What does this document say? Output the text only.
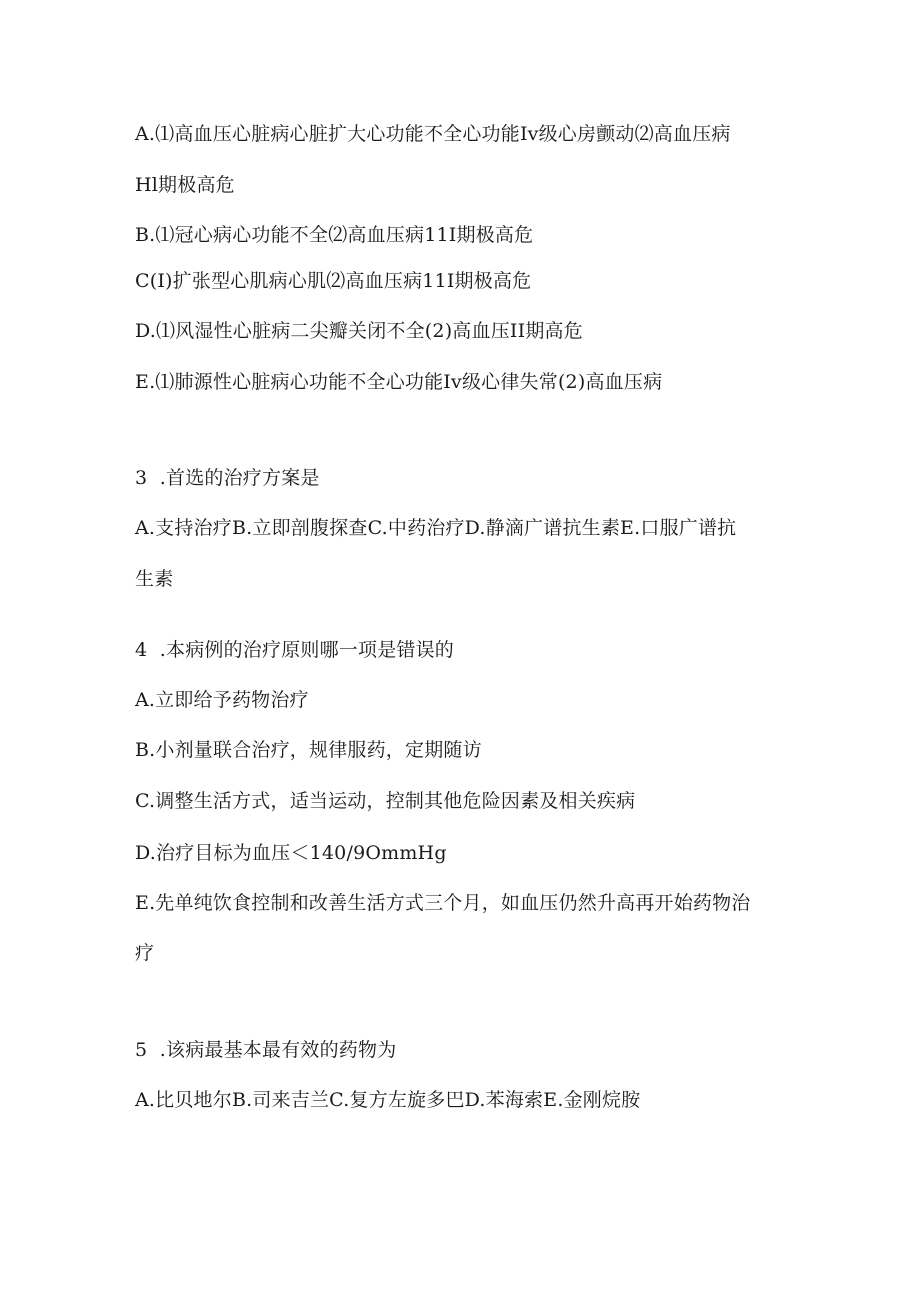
A.⑴高血压心脏病心脏扩大心功能不全心功能Iv级心房颤动⑵高血压病
Hl期极高危
B.⑴冠心病心功能不全⑵高血压病11I期极高危
C(I)扩张型心肌病心肌⑵高血压病11I期极高危
D.⑴风湿性心脏病二尖瓣关闭不全(2)高血压II期高危
E.⑴肺源性心脏病心功能不全心功能Iv级心律失常(2)高血压病
3  .首选的治疗方案是
A.支持治疗B.立即剖腹探查C.中药治疗D.静滴广谱抗生素E.口服广谱抗
生素
4  .本病例的治疗原则哪一项是错误的
A.立即给予药物治疗
B.小剂量联合治疗，规律服药，定期随访
C.调整生活方式，适当运动，控制其他危险因素及相关疾病
D.治疗目标为血压＜140/9OmmHg
E.先单纯饮食控制和改善生活方式三个月，如血压仍然升高再开始药物治
疗
5  .该病最基本最有效的药物为
A.比贝地尔B.司来吉兰C.复方左旋多巴D.苯海索E.金刚烷胺
